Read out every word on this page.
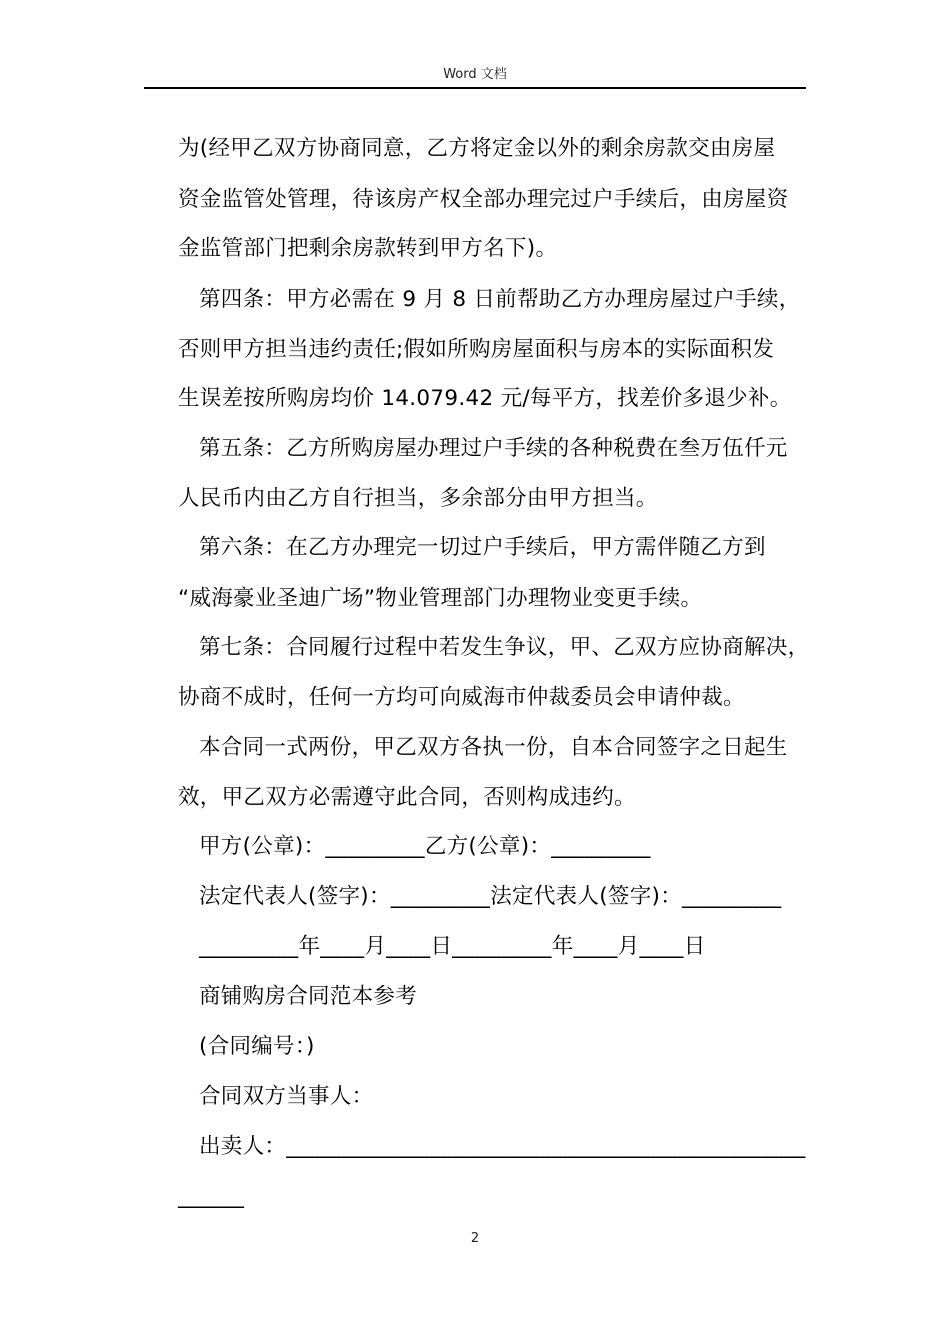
Word 文档
为(经甲乙双方协商同意，乙方将定金以外的剩余房款交由房屋
资金监管处管理，待该房产权全部办理完过户手续后，由房屋资
金监管部门把剩余房款转到甲方名下)。
第四条：甲方必需在 9 月 8 日前帮助乙方办理房屋过户手续，
否则甲方担当违约责任;假如所购房屋面积与房本的实际面积发
生误差按所购房均价 14.079.42 元/每平方，找差价多退少补。
第五条：乙方所购房屋办理过户手续的各种税费在叁万伍仟元
人民币内由乙方自行担当，多余部分由甲方担当。
第六条：在乙方办理完一切过户手续后，甲方需伴随乙方到
“威海豪业圣迪广场”物业管理部门办理物业变更手续。
第七条：合同履行过程中若发生争议，甲、乙双方应协商解决，
协商不成时，任何一方均可向威海市仲裁委员会申请仲裁。
本合同一式两份，甲乙双方各执一份，自本合同签字之日起生
效，甲乙双方必需遵守此合同，否则构成违约。
甲方(公章)：_________乙方(公章)：_________
法定代表人(签字)：_________法定代表人(签字)：_________
_________年____月____日_________年____月____日
商铺购房合同范本参考
(合同编号：)
合同双方当事人：
出卖人：_______________________________________________
______
2
